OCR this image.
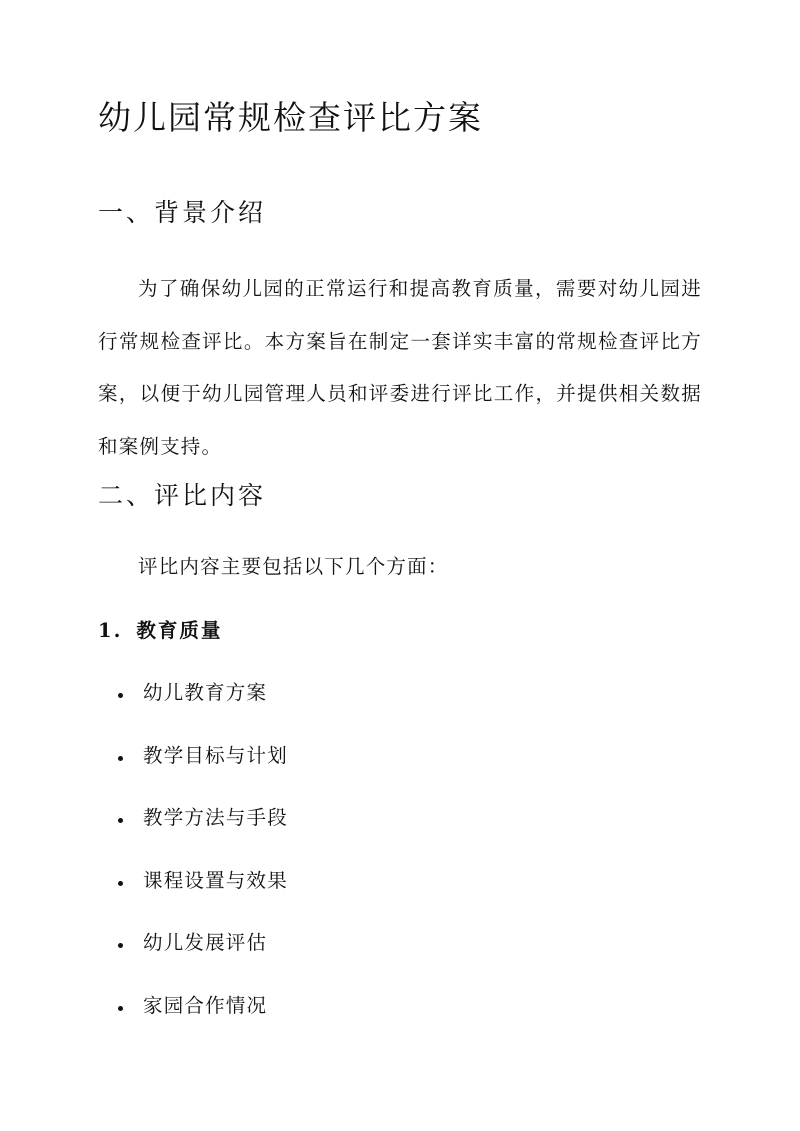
幼儿园常规检查评比方案
一、背景介绍

为了确保幼儿园的正常运行和提高教育质量，需要对幼儿园进行常规检查评比。本方案旨在制定一套详实丰富的常规检查评比方案，以便于幼儿园管理人员和评委进行评比工作，并提供相关数据和案例支持。

二、评比内容

评比内容主要包括以下几个方面：

1. 教育质量
幼儿教育方案
教学目标与计划
教学方法与手段
课程设置与效果
幼儿发展评估
家园合作情况
